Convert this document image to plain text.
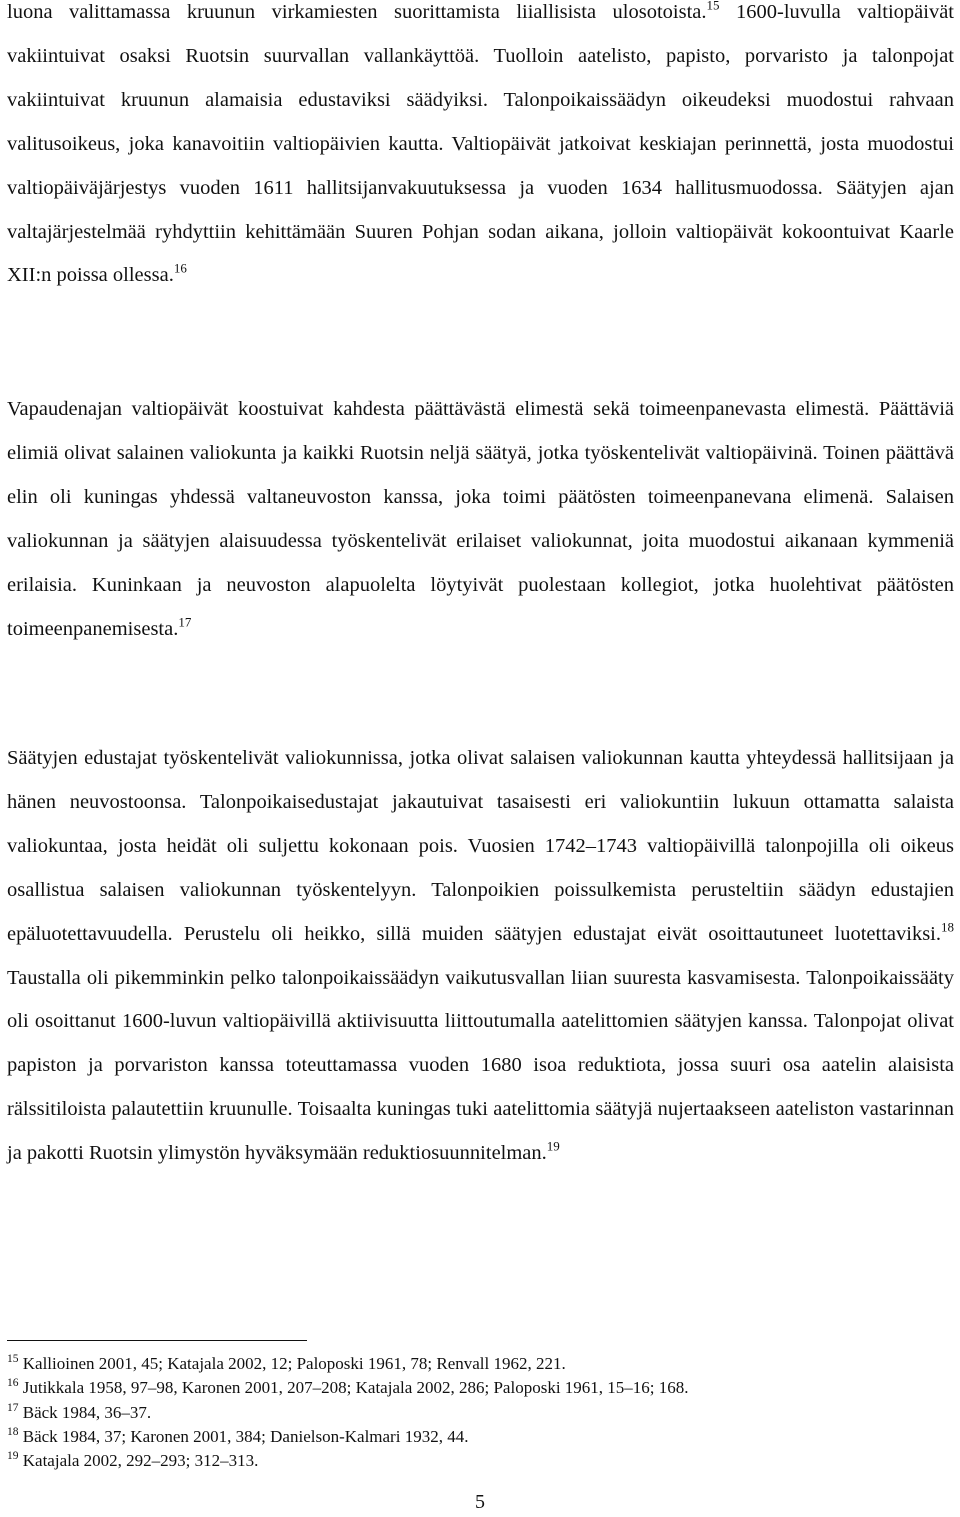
luona valittamassa kruunun virkamiesten suorittamista liiallisista ulosotoista.$^{15}$ 1600-luvulla valtiopäivät vakiintuivat osaksi Ruotsin suurvallan vallankäyttöä. Tuolloin aatelisto, papisto, porvaristo ja talonpojat vakiintuivat kruunun alamaisia edustaviksi säädyiksi. Talonpoikaissäädyn oikeudeksi muodostui rahvaan valitusoikeus, joka kanavoitiin valtiopäivien kautta. Valtiopäivät jatkoivat keskiajan perinnettä, josta muodostui valtiopäiväjärjestys vuoden 1611 hallitsijanvakuutuksessa ja vuoden 1634 hallitusmuodossa. Säätyjen ajan valtajärjestelmää ryhdyttiin kehittämään Suuren Pohjan sodan aikana, jolloin valtiopäivät kokoontuivat Kaarle XII:n poissa ollessa.$^{16}$

Vapaudenajan valtiopäivät koostuivat kahdesta päättävästä elimestä sekä toimeenpanevasta elimestä. Päättäviä elimiä olivat salainen valiokunta ja kaikki Ruotsin neljä säätyä, jotka työskentelivät valtiopäivinä. Toinen päättävä elin oli kuningas yhdessä valtaneuvoston kanssa, joka toimi päätösten toimeenpanevana elimenä. Salaisen valiokunnan ja säätyjen alaisuudessa työskentelivät erilaiset valiokunnat, joita muodostui aikanaan kymmeniä erilaisia. Kuninkaan ja neuvoston alapuolelta löytyivät puolestaan kollegiot, jotka huolehtivat päätösten toimeenpanemisesta.$^{17}$

Säätyjen edustajat työskentelivät valiokunnissa, jotka olivat salaisen valiokunnan kautta yhteydessä hallitsijaan ja hänen neuvostoonsa. Talonpoikaisedustajat jakautuivat tasaisesti eri valiokuntiin lukuun ottamatta salaista valiokuntaa, josta heidät oli suljettu kokonaan pois. Vuosien 1742–1743 valtiopäivillä talonpojilla oli oikeus osallistua salaisen valiokunnan työskentelyyn. Talonpoikien poissulkemista perusteltiin säädyn edustajien epäluotettavuudella. Perustelu oli heikko, sillä muiden säätyjen edustajat eivät osoittautuneet luotettaviksi.$^{18}$ Taustalla oli pikemminkin pelko talonpoikaissäädyn vaikutusvallan liian suuresta kasvamisesta. Talonpoikaissääty oli osoittanut 1600-luvun valtiopäivillä aktiivisuutta liittoutumalla aatelittomien säätyjen kanssa. Talonpojat olivat papiston ja porvariston kanssa toteuttamassa vuoden 1680 isoa reduktiota, jossa suuri osa aatelin alaisista rälssitiloista palautettiin kruunulle. Toisaalta kuningas tuki aatelittomia säätyjä nujertaakseen aateliston vastarinnan ja pakotti Ruotsin ylimystön hyväksymään reduktiosuunnitelman.$^{19}$

$^{15}$ Kallioinen 2001, 45; Katajala 2002, 12; Paloposki 1961, 78; Renvall 1962, 221.
$^{16}$ Jutikkala 1958, 97–98, Karonen 2001, 207–208; Katajala 2002, 286; Paloposki 1961, 15–16; 168.
$^{17}$ Bäck 1984, 36–37.
$^{18}$ Bäck 1984, 37; Karonen 2001, 384; Danielson-Kalmari 1932, 44.
$^{19}$ Katajala 2002, 292–293; 312–313.
5
